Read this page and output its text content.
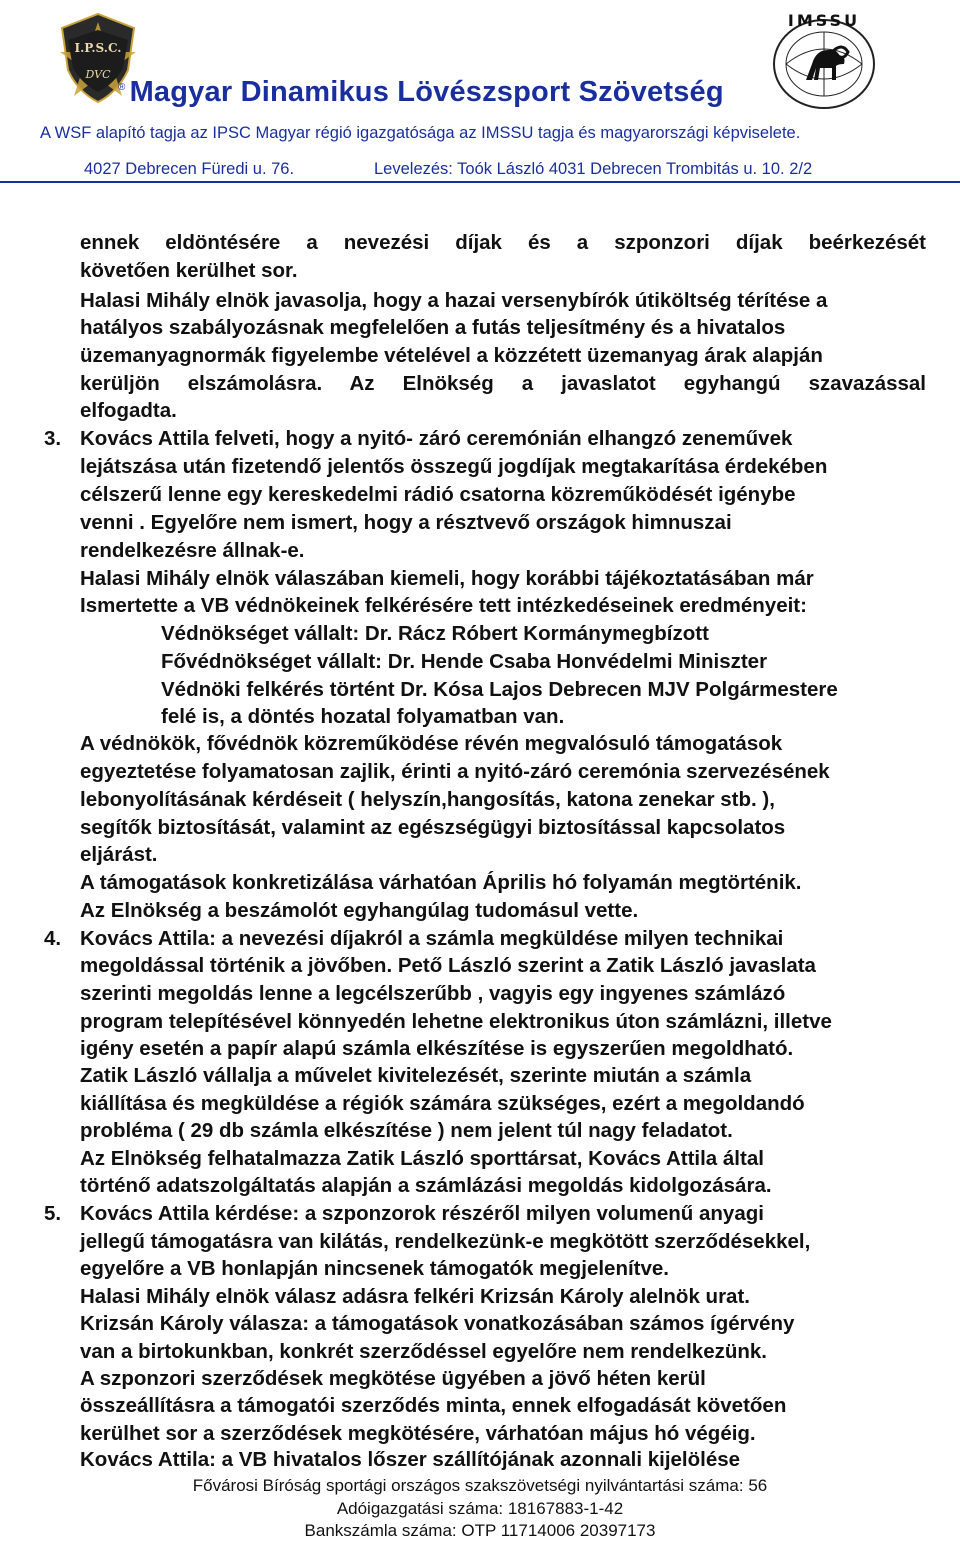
I.P.S.C.
DVC
IMSSU
® Magyar Dinamikus Lövészsport Szövetség
A WSF alapító tagja az IPSC Magyar régió igazgatósága az IMSSU tagja és magyarországi képviselete.
4027 Debrecen Füredi u. 76.	Levelezés: Toók László 4031 Debrecen Trombitás u. 10. 2/2
ennek eldöntésére a nevezési díjak és a szponzori díjak beérkezését
követően kerülhet sor.
Halasi Mihály elnök javasolja, hogy a hazai versenybírók útiköltség térítése a
hatályos szabályozásnak megfelelően a futás teljesítmény és a hivatalos
üzemanyagnormák figyelembe vételével a közzétett üzemanyag árak alapján
kerüljön elszámolásra. Az Elnökség a javaslatot egyhangú szavazással
elfogadta.
3. Kovács Attila felveti, hogy a nyitó- záró ceremónián elhangzó zeneművek
lejátszása után fizetendő jelentős összegű jogdíjak megtakarítása érdekében
célszerű lenne egy kereskedelmi rádió csatorna közreműködését igénybe
venni . Egyelőre nem ismert, hogy a résztvevő országok himnuszai
rendelkezésre állnak-e.
Halasi Mihály elnök válaszában kiemeli, hogy korábbi tájékoztatásában már
Ismertette a VB védnökeinek felkérésére tett intézkedéseinek eredményeit:
Védnökséget vállalt: Dr. Rácz Róbert Kormánymegbízott
Fővédnökséget vállalt: Dr. Hende Csaba Honvédelmi Miniszter
Védnöki felkérés történt Dr. Kósa Lajos Debrecen MJV Polgármestere
felé is, a döntés hozatal folyamatban van.
A védnökök, fővédnök közreműködése révén megvalósuló támogatások
egyeztetése folyamatosan zajlik, érinti a nyitó-záró ceremónia szervezésének
lebonyolításának kérdéseit ( helyszín,hangosítás, katona zenekar stb. ),
segítők biztosítását, valamint az egészségügyi biztosítással kapcsolatos
eljárást.
A támogatások konkretizálása várhatóan Április hó folyamán megtörténik.
Az Elnökség a beszámolót egyhangúlag tudomásul vette.
4. Kovács Attila: a nevezési díjakról a számla megküldése milyen technikai
megoldással történik a jövőben. Pető László szerint a Zatik László javaslata
szerinti megoldás lenne a legcélszerűbb , vagyis egy ingyenes számlázó
program telepítésével könnyedén lehetne elektronikus úton számlázni, illetve
igény esetén a papír alapú számla elkészítése is egyszerűen megoldható.
Zatik László vállalja a művelet kivitelezését, szerinte miután a számla
kiállítása és megküldése a régiók számára szükséges, ezért a megoldandó
probléma ( 29 db számla elkészítése ) nem jelent túl nagy feladatot.
Az Elnökség felhatalmazza Zatik László sporttársat, Kovács Attila által
történő adatszolgáltatás alapján a számlázási megoldás kidolgozására.
5. Kovács Attila kérdése: a szponzorok részéről milyen volumenű anyagi
jellegű támogatásra van kilátás, rendelkezünk-e megkötött szerződésekkel,
egyelőre a VB honlapján nincsenek támogatók megjelenítve.
Halasi Mihály elnök válasz adásra felkéri Krizsán Károly alelnök urat.
Krizsán Károly válasza: a támogatások vonatkozásában számos ígérvény
van a birtokunkban, konkrét szerződéssel egyelőre nem rendelkezünk.
A szponzori szerződések megkötése ügyében a jövő héten kerül
összeállításra a támogatói szerződés minta, ennek elfogadását követően
kerülhet sor a szerződések megkötésére, várhatóan május hó végéig.
Kovács Attila: a VB hivatalos lőszer szállítójának azonnali kijelölése
Fővárosi Bíróság sportági országos szakszövetségi nyilvántartási száma: 56
Adóigazgatási száma: 18167883-1-42
Bankszámla száma: OTP 11714006 20397173
